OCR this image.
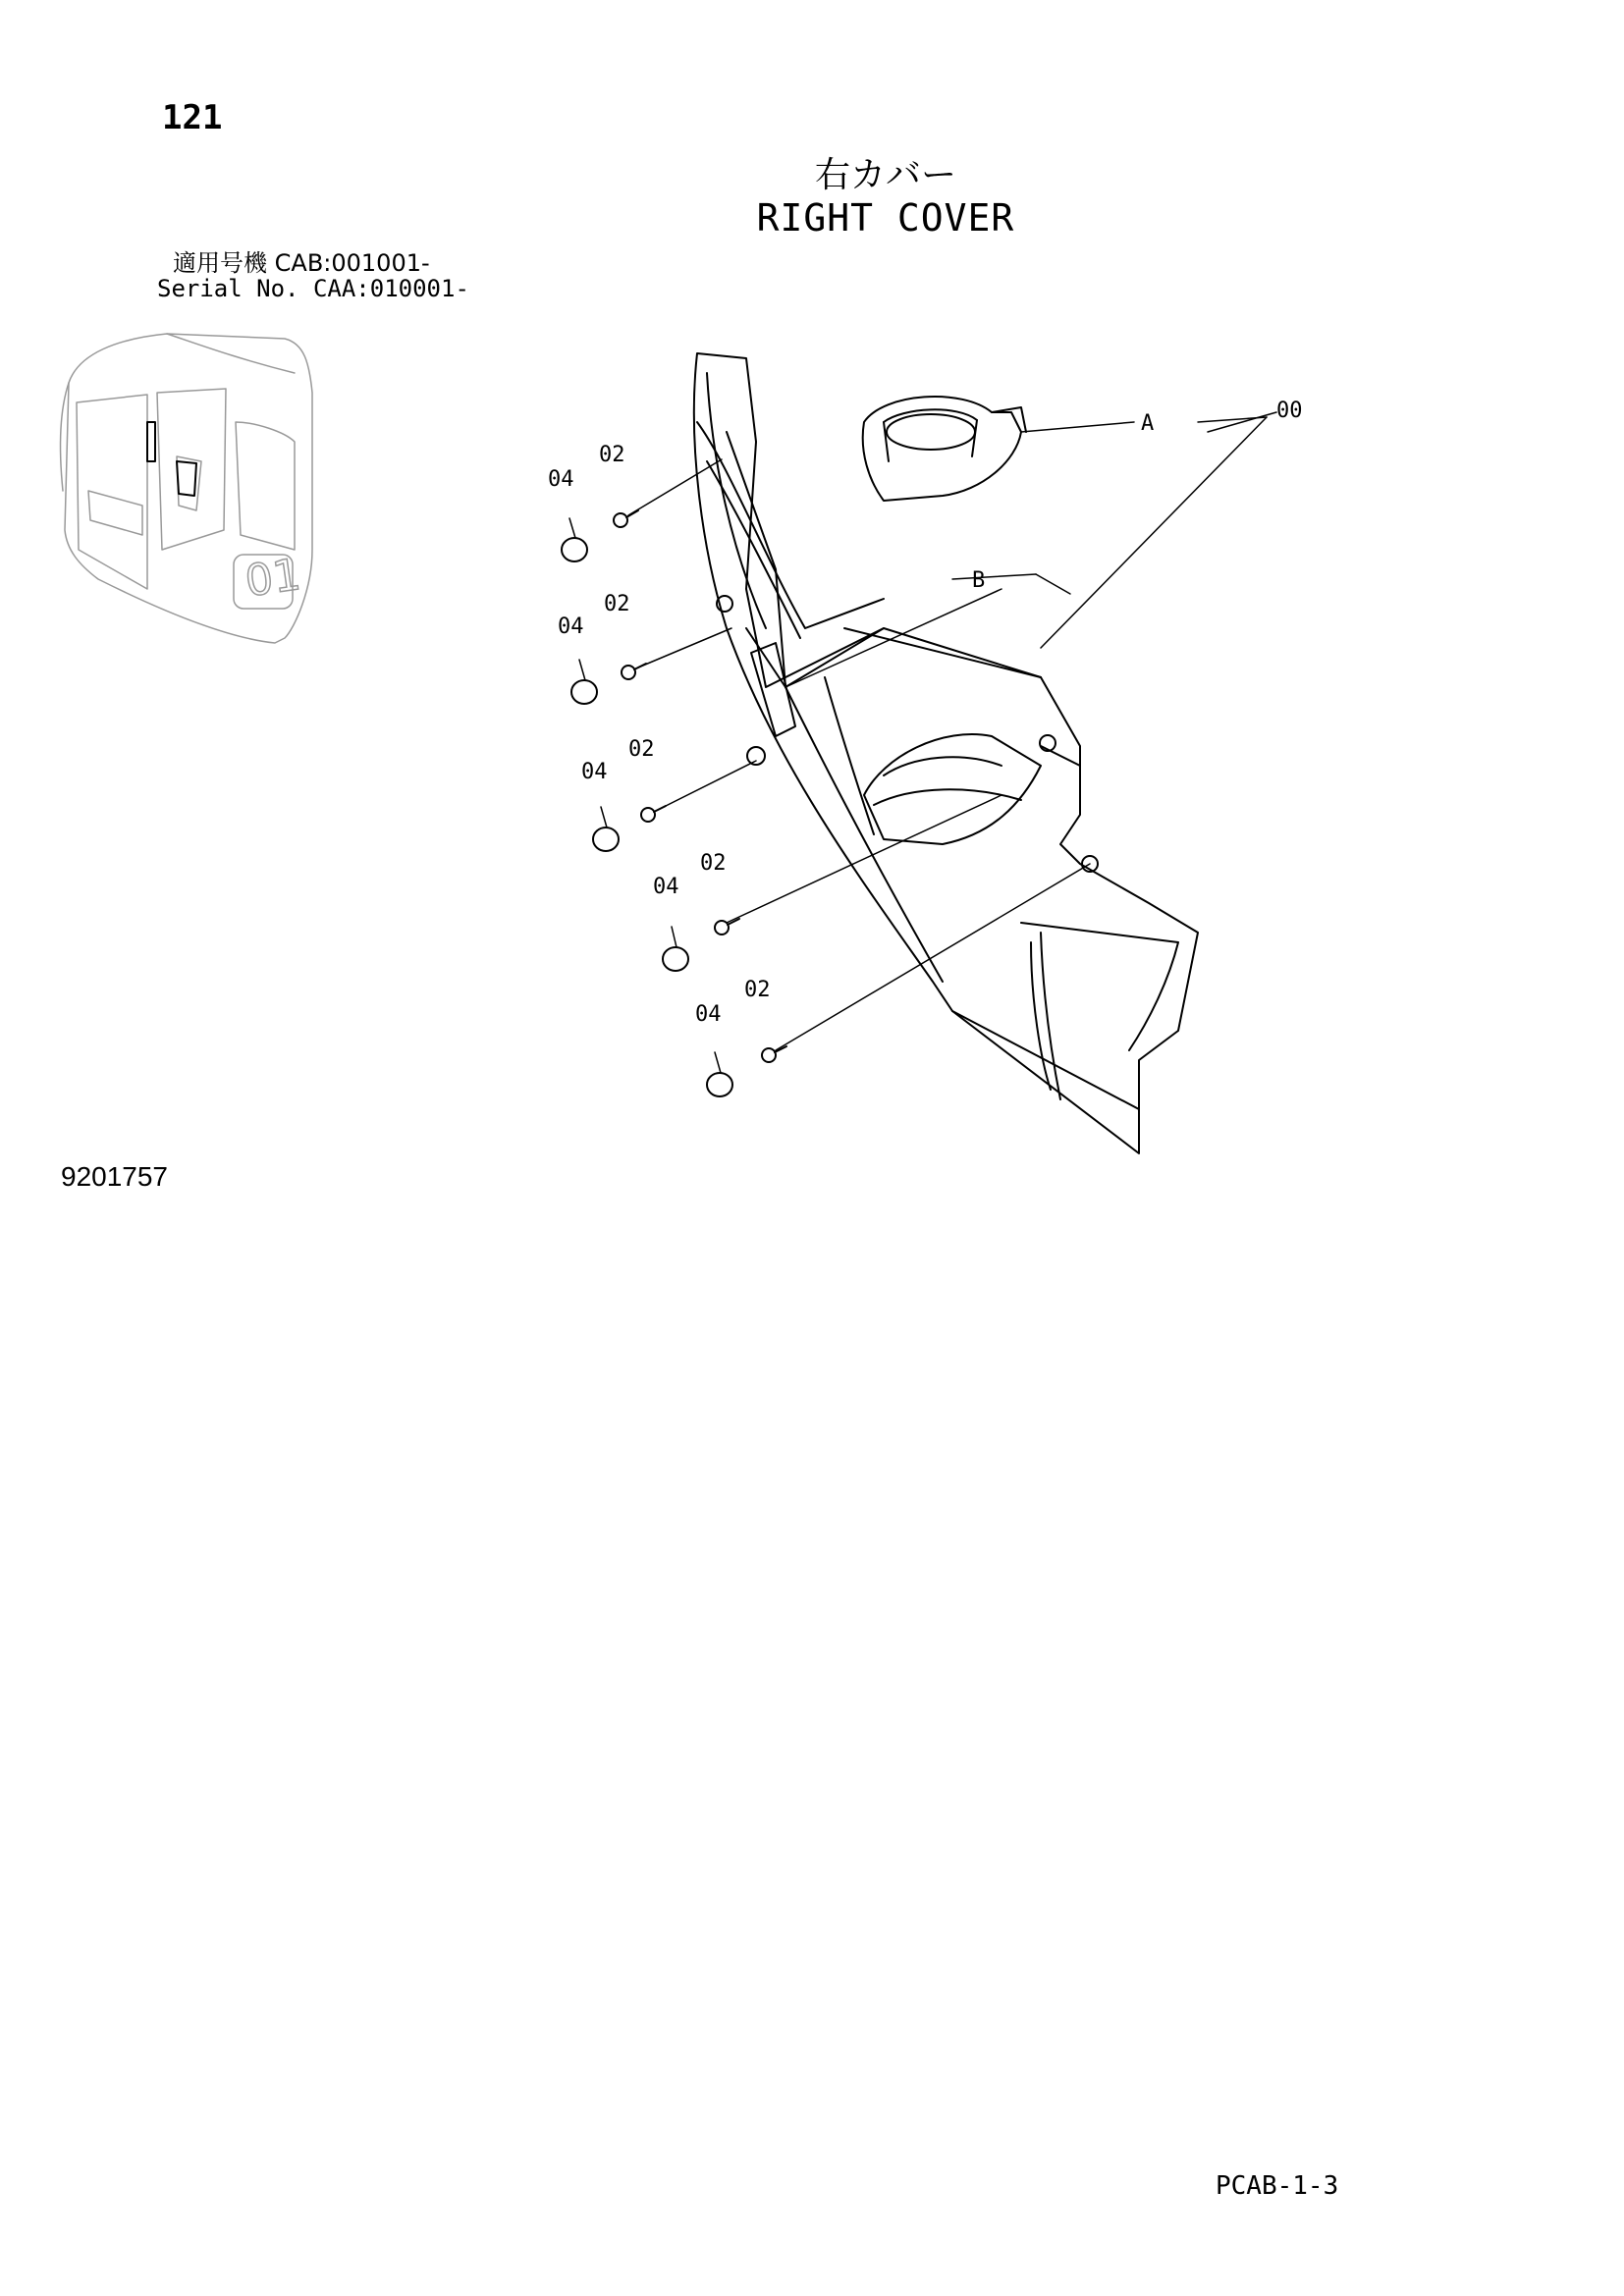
121
右カバー
RIGHT COVER
適用号機 CAB:001001-
Serial No. CAA:010001-
A
00
B
02
04
02
04
02
04
02
04
02
04
01
9201757
PCAB-1-3
